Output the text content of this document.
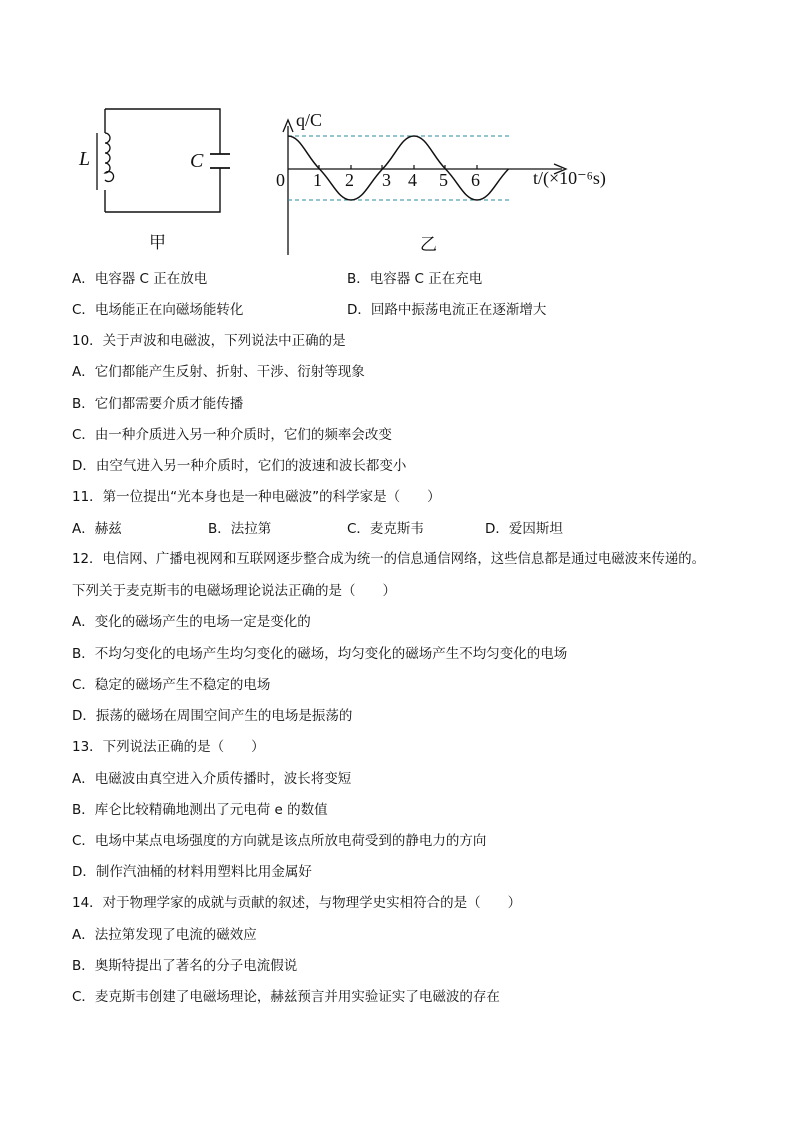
L	C
甲
q/C
0 1 2 3 4 5 6	t/(×10⁻⁶s)
乙
A．电容器 C 正在放电	B．电容器 C 正在充电
C．电场能正在向磁场能转化	D．回路中振荡电流正在逐渐增大
10．关于声波和电磁波，下列说法中正确的是
A．它们都能产生反射、折射、干涉、衍射等现象
B．它们都需要介质才能传播
C．由一种介质进入另一种介质时，它们的频率会改变
D．由空气进入另一种介质时，它们的波速和波长都变小
11．第一位提出“光本身也是一种电磁波”的科学家是（　　）
A．赫兹	B．法拉第	C．麦克斯韦	D．爱因斯坦
12．电信网、广播电视网和互联网逐步整合成为统一的信息通信网络，这些信息都是通过电磁波来传递的。
下列关于麦克斯韦的电磁场理论说法正确的是（　　）
A．变化的磁场产生的电场一定是变化的
B．不均匀变化的电场产生均匀变化的磁场，均匀变化的磁场产生不均匀变化的电场
C．稳定的磁场产生不稳定的电场
D．振荡的磁场在周围空间产生的电场是振荡的
13．下列说法正确的是（　　）
A．电磁波由真空进入介质传播时，波长将变短
B．库仑比较精确地测出了元电荷 e 的数值
C．电场中某点电场强度的方向就是该点所放电荷受到的静电力的方向
D．制作汽油桶的材料用塑料比用金属好
14．对于物理学家的成就与贡献的叙述，与物理学史实相符合的是（　　）
A．法拉第发现了电流的磁效应
B．奥斯特提出了著名的分子电流假说
C．麦克斯韦创建了电磁场理论，赫兹预言并用实验证实了电磁波的存在
